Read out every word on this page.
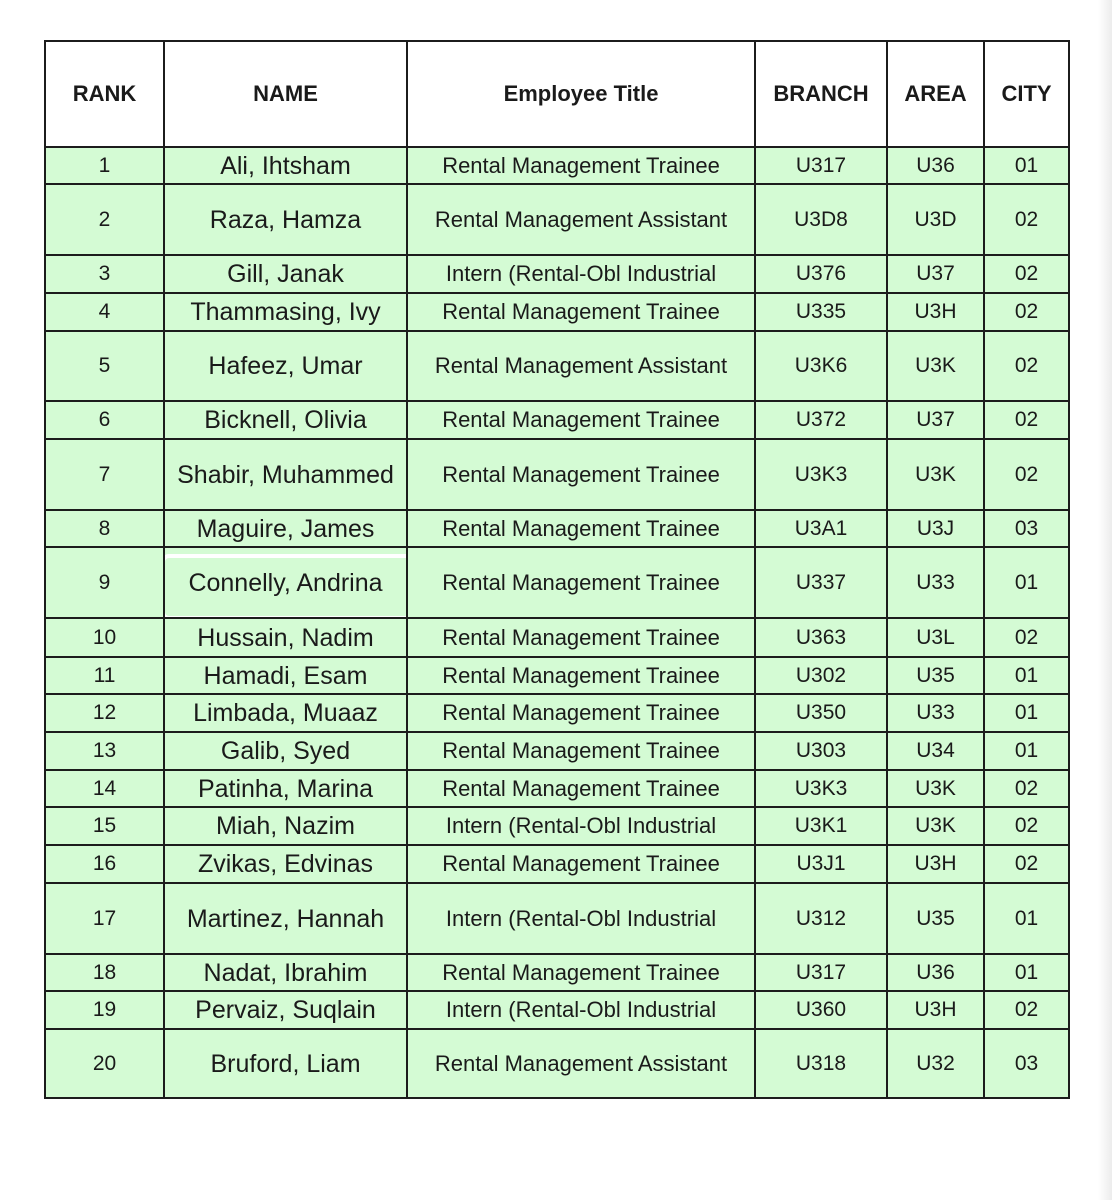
RANK	NAME	Employee Title	BRANCH	AREA	CITY
1	Ali, Ihtsham	Rental Management Trainee	U317	U36	01
2	Raza, Hamza	Rental Management Assistant	U3D8	U3D	02
3	Gill, Janak	Intern (Rental-Obl Industrial	U376	U37	02
4	Thammasing, Ivy	Rental Management Trainee	U335	U3H	02
5	Hafeez, Umar	Rental Management Assistant	U3K6	U3K	02
6	Bicknell, Olivia	Rental Management Trainee	U372	U37	02
7	Shabir, Muhammed	Rental Management Trainee	U3K3	U3K	02
8	Maguire, James	Rental Management Trainee	U3A1	U3J	03
9	Connelly, Andrina	Rental Management Trainee	U337	U33	01
10	Hussain, Nadim	Rental Management Trainee	U363	U3L	02
11	Hamadi, Esam	Rental Management Trainee	U302	U35	01
12	Limbada, Muaaz	Rental Management Trainee	U350	U33	01
13	Galib, Syed	Rental Management Trainee	U303	U34	01
14	Patinha, Marina	Rental Management Trainee	U3K3	U3K	02
15	Miah, Nazim	Intern (Rental-Obl Industrial	U3K1	U3K	02
16	Zvikas, Edvinas	Rental Management Trainee	U3J1	U3H	02
17	Martinez, Hannah	Intern (Rental-Obl Industrial	U312	U35	01
18	Nadat, Ibrahim	Rental Management Trainee	U317	U36	01
19	Pervaiz, Suqlain	Intern (Rental-Obl Industrial	U360	U3H	02
20	Bruford, Liam	Rental Management Assistant	U318	U32	03
